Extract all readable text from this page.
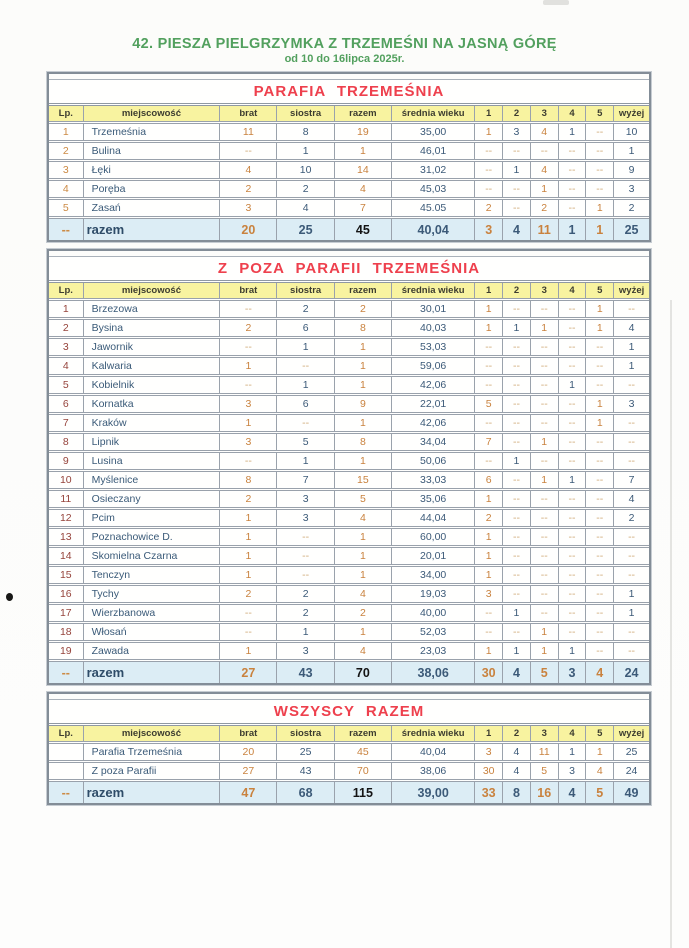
42. PIESZA PIELGRZYMKA Z TRZEMEŚNI NA JASNĄ GÓRĘ
od 10 do 16lipca 2025r.
PARAFIA TRZEMEŚNIA
Lp.	miejscowość	brat	siostra	razem	średnia wieku	1	2	3	4	5	wyżej
1	Trzemeśnia	11	8	19	35,00	1	3	4	1	--	10
2	Bulina	--	1	1	46,01	--	--	--	--	--	1
3	Łęki	4	10	14	31,02	--	1	4	--	--	9
4	Poręba	2	2	4	45,03	--	--	1	--	--	3
5	Zasań	3	4	7	45.05	2	--	2	--	1	2
--	razem	20	25	45	40,04	3	4	11	1	1	25
Z POZA PARAFII TRZEMEŚNIA
Lp.	miejscowość	brat	siostra	razem	średnia wieku	1	2	3	4	5	wyżej
1	Brzezowa	--	2	2	30,01	1	--	--	--	1	--
2	Bysina	2	6	8	40,03	1	1	1	--	1	4
3	Jawornik	--	1	1	53,03	--	--	--	--	--	1
4	Kalwaria	1	--	1	59,06	--	--	--	--	--	1
5	Kobielnik	--	1	1	42,06	--	--	--	1	--	--
6	Kornatka	3	6	9	22,01	5	--	--	--	1	3
7	Kraków	1	--	1	42,06	--	--	--	--	1	--
8	Lipnik	3	5	8	34,04	7	--	1	--	--	--
9	Lusina	--	1	1	50,06	--	1	--	--	--	--
10	Myślenice	8	7	15	33,03	6	--	1	1	--	7
11	Osieczany	2	3	5	35,06	1	--	--	--	--	4
12	Pcim	1	3	4	44,04	2	--	--	--	--	2
13	Poznachowice D.	1	--	1	60,00	1	--	--	--	--	--
14	Skomielna Czarna	1	--	1	20,01	1	--	--	--	--	--
15	Tenczyn	1	--	1	34,00	1	--	--	--	--	--
16	Tychy	2	2	4	19,03	3	--	--	--	--	1
17	Wierzbanowa	--	2	2	40,00	--	1	--	--	--	1
18	Włosań	--	1	1	52,03	--	--	1	--	--	--
19	Zawada	1	3	4	23,03	1	1	1	1	--	--
--	razem	27	43	70	38,06	30	4	5	3	4	24
WSZYSCY RAZEM
Lp.	miejscowość	brat	siostra	razem	średnia wieku	1	2	3	4	5	wyżej
	Parafia Trzemeśnia	20	25	45	40,04	3	4	11	1	1	25
	Z poza Parafii	27	43	70	38,06	30	4	5	3	4	24
--	razem	47	68	115	39,00	33	8	16	4	5	49
